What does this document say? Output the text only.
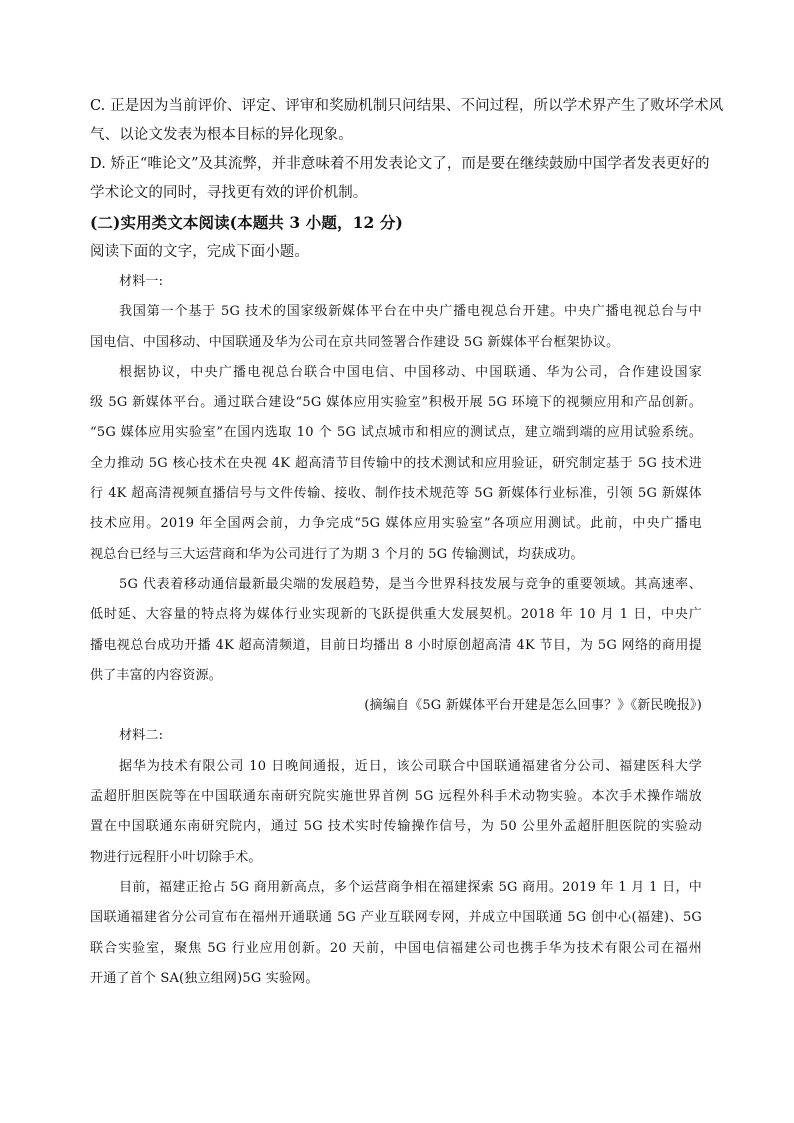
C. 正是因为当前评价、评定、评审和奖励机制只问结果、不问过程，所以学术界产生了败坏学术风
气、以论文发表为根本目标的异化现象。
D. 矫正“唯论文”及其流弊，并非意味着不用发表论文了，而是要在继续鼓励中国学者发表更好的
学术论文的同时，寻找更有效的评价机制。
(二)实用类文本阅读(本题共 3 小题，12 分)
阅读下面的文字，完成下面小题。
材料一:
我国第一个基于 5G 技术的国家级新媒体平台在中央广播电视总台开建。中央广播电视总台与中
国电信、中国移动、中国联通及华为公司在京共同签署合作建设 5G 新媒体平台框架协议。
根据协议，中央广播电视总台联合中国电信、中国移动、中国联通、华为公司，合作建设国家
级 5G 新媒体平台。通过联合建设“5G 媒体应用实验室”积极开展 5G 环境下的视频应用和产品创新。
“5G 媒体应用实验室”在国内选取 10 个 5G 试点城市和相应的测试点，建立端到端的应用试验系统。
全力推动 5G 核心技术在央视 4K 超高清节目传输中的技术测试和应用验证，研究制定基于 5G 技术进
行 4K 超高清视频直播信号与文件传输、接收、制作技术规范等 5G 新媒体行业标准，引领 5G 新媒体
技术应用。2019 年全国两会前，力争完成“5G 媒体应用实验室”各项应用测试。此前，中央广播电
视总台已经与三大运营商和华为公司进行了为期 3 个月的 5G 传输测试，均获成功。
5G 代表着移动通信最新最尖端的发展趋势，是当今世界科技发展与竞争的重要领域。其高速率、
低时延、大容量的特点将为媒体行业实现新的飞跃提供重大发展契机。2018 年 10 月 1 日，中央广
播电视总台成功开播 4K 超高清频道，目前日均播出 8 小时原创超高清 4K 节目，为 5G 网络的商用提
供了丰富的内容资源。
(摘编自《5G 新媒体平台开建是怎么回事？》《新民晚报》)
材料二:
据华为技术有限公司 10 日晚间通报，近日，该公司联合中国联通福建省分公司、福建医科大学
孟超肝胆医院等在中国联通东南研究院实施世界首例 5G 远程外科手术动物实验。本次手术操作端放
置在中国联通东南研究院内，通过 5G 技术实时传输操作信号，为 50 公里外孟超肝胆医院的实验动
物进行远程肝小叶切除手术。
目前，福建正抢占 5G 商用新高点，多个运营商争相在福建探索 5G 商用。2019 年 1 月 1 日，中
国联通福建省分公司宣布在福州开通联通 5G 产业互联网专网，并成立中国联通 5G 创中心(福建)、5G
联合实验室，聚焦 5G 行业应用创新。20 天前，中国电信福建公司也携手华为技术有限公司在福州
开通了首个 SA(独立组网)5G 实验网。
